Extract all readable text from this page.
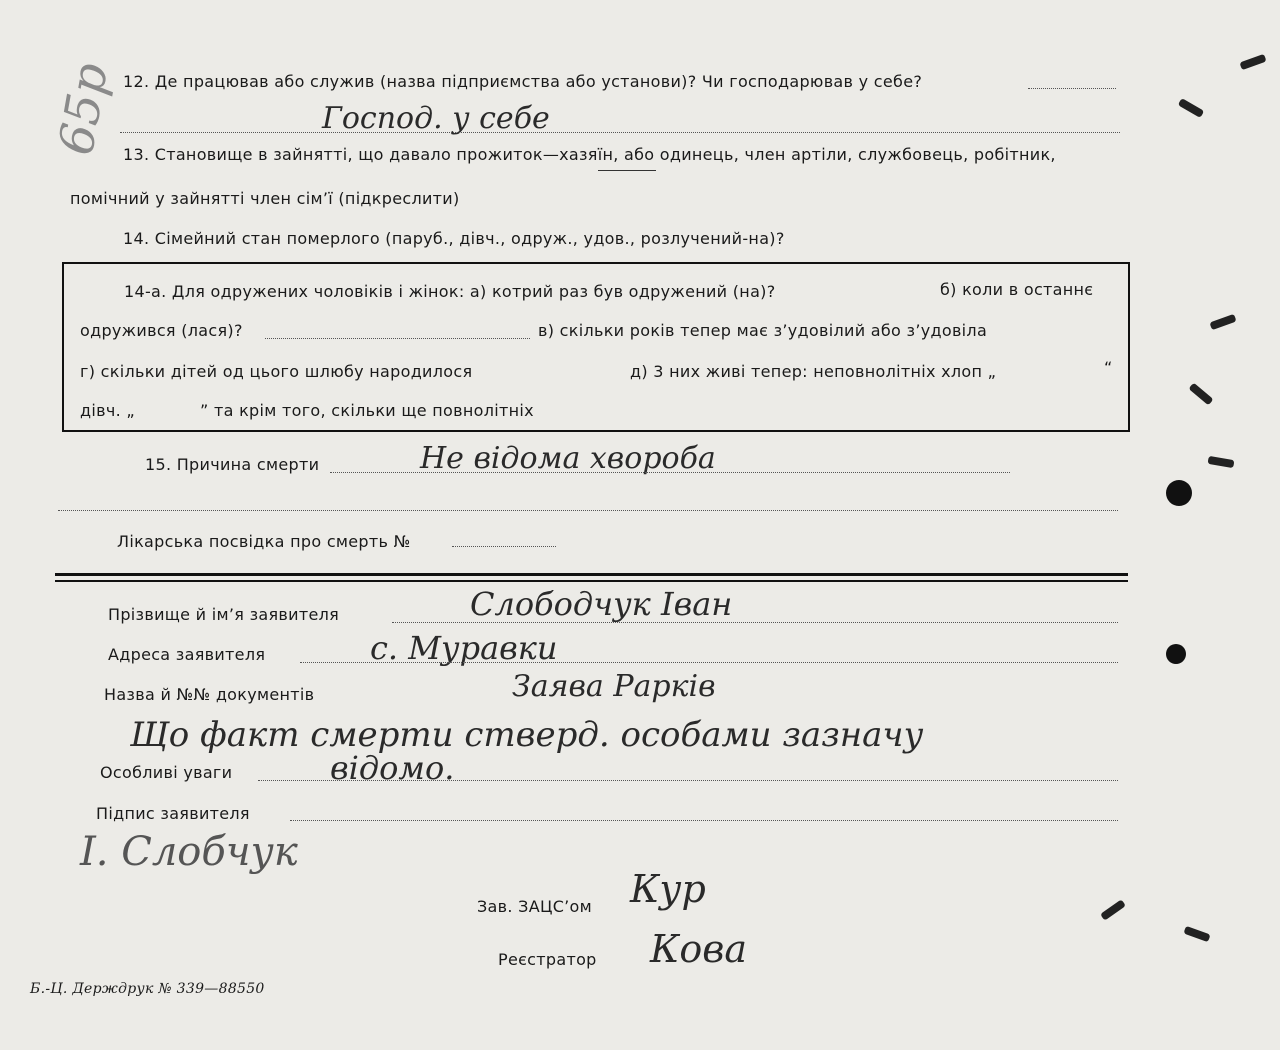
65р 12. Де працював або служив (назва підприємства або установи)? Чи господарював у себе?
Господ. у себе
13. Становище в зайнятті, що давало прожиток—хазяїн, або одинець, член артіли, службовець, робітник,
помічний у зайнятті член сім’ї (підкреслити)
14. Сімейний стан померлого (паруб., дівч., одруж., удов., розлучений-на)?
14-а. Для одружених чоловіків і жінок: а) котрий раз був одружений (на)?	б) коли в останнє
одружився (лася)?	в) скільки років тепер має з’удовілий або з’удовіла
г) скільки дітей од цього шлюбу народилося	д) 3 них живі тепер: неповнолітніх хлоп „	“
дівч. „	” та крім того, скільки ще повнолітніх
15. Причина смерти	Не відома хвороба
Лікарська посвідка про смерть №
Прізвище й ім’я заявителя	Слободчук Іван
Адреса заявителя	с. Муравки
Назва й №№ документів	Заява Рарків
Що факт смерти стверд. особами зазначу
Особливі уваги	відомо.
Підпис заявителя
І. Слобчук
Зав. ЗАЦС’ом Кур
Реєстратор Кова
Б.-Ц. Держдрук № 339—88550
